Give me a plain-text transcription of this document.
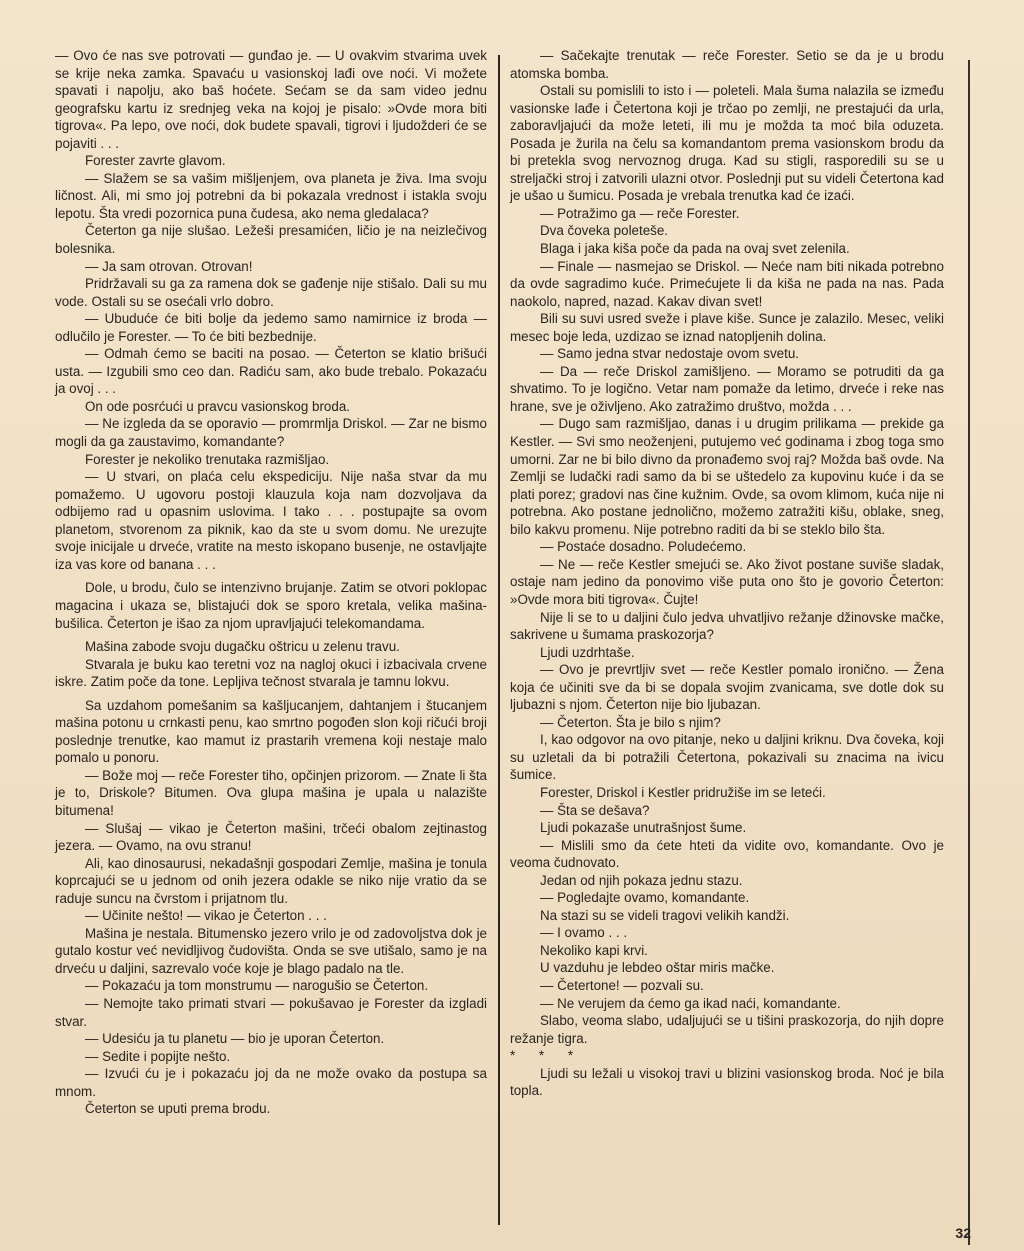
— Ovo će nas sve potrovati — gunđao je. — U ovakvim stvarima uvek se krije neka zamka. Spavaću u vasionskoj lađi ove noći. Vi možete spavati i napolju, ako baš hoćete. Sećam se da sam video jednu geografsku kartu iz srednjeg veka na kojoj je pisalo: »Ovde mora biti tigrova«. Pa lepo, ove noći, dok budete spavali, tigrovi i ljudožderi će se pojaviti . . .

Forester zavrte glavom.

— Slažem se sa vašim mišljenjem, ova planeta je živa. Ima svoju ličnost. Ali, mi smo joj potrebni da bi pokazala vrednost i istakla svoju lepotu. Šta vredi pozornica puna čudesa, ako nema gledalaca?

Četerton ga nije slušao. Ležeši presamićen, ličio je na neizlečivog bolesnika.

— Ja sam otrovan. Otrovan!

Pridržavali su ga za ramena dok se gađenje nije stišalo. Dali su mu vode. Ostali su se osećali vrlo dobro.

— Ubuduće će biti bolje da jedemo samo namirnice iz broda — odlučilo je Forester. — To će biti bezbednije.

— Odmah ćemo se baciti na posao. — Četerton se klatio brišući usta. — Izgubili smo ceo dan. Radiću sam, ako bude trebalo. Pokazaću ja ovoj . . .

On ode posrćući u pravcu vasionskog broda.

— Ne izgleda da se oporavio — promrmlja Driskol. — Zar ne bismo mogli da ga zaustavimo, komandante?

Forester je nekoliko trenutaka razmišljao.

— U stvari, on plaća celu ekspediciju. Nije naša stvar da mu pomažemo. U ugovoru postoji klauzula koja nam dozvoljava da odbijemo rad u opasnim uslovima. I tako . . . postupajte sa ovom planetom, stvorenom za piknik, kao da ste u svom domu. Ne urezujte svoje inicijale u drveće, vratite na mesto iskopano busenje, ne ostavljajte iza vas kore od banana . . .

Dole, u brodu, čulo se intenzivno brujanje. Zatim se otvori poklopac magacina i ukaza se, blistajući dok se sporo kretala, velika mašina-bušilica. Četerton je išao za njom upravljajući telekomandama.

Mašina zabode svoju dugačku oštricu u zelenu travu.

Stvarala je buku kao teretni voz na nagloj okuci i izbacivala crvene iskre. Zatim poče da tone. Lepljiva tečnost stvarala je tamnu lokvu.

Sa uzdahom pomešanim sa kašljucanjem, dahtanjem i štucanjem mašina potonu u crnkasti penu, kao smrtno pogođen slon koji ričući broji poslednje trenutke, kao mamut iz prastarih vremena koji nestaje malo pomalo u ponoru.

— Bože moj — reče Forester tiho, opčinjen prizorom. — Znate li šta je to, Driskole? Bitumen. Ova glupa mašina je upala u nalazište bitumena!

— Slušaj — vikao je Četerton mašini, trčeći obalom zejtinastog jezera. — Ovamo, na ovu stranu!

Ali, kao dinosaurusi, nekadašnji gospodari Zemlje, mašina je tonula koprcajući se u jednom od onih jezera odakle se niko nije vratio da se raduje suncu na čvrstom i prijatnom tlu.

— Učinite nešto! — vikao je Četerton . . .

Mašina je nestala. Bitumensko jezero vrilo je od zadovoljstva dok je gutalo kostur već nevidljivog čudovišta. Onda se sve utišalo, samo je na drveću u daljini, sazrevalo voće koje je blago padalo na tle.

— Pokazaću ja tom monstrumu — narogušio se Četerton.

— Nemojte tako primati stvari — pokušavao je Forester da izgladi stvar.

— Udesiću ja tu planetu — bio je uporan Četerton.

— Sedite i popijte nešto.

— Izvući ću je i pokazaću joj da ne može ovako da postupa sa mnom.

Četerton se uputi prema brodu.

— Sačekajte trenutak — reče Forester. Setio se da je u brodu atomska bomba.

Ostali su pomislili to isto i — poleteli. Mala šuma nalazila se između vasionske lađe i Četertona koji je trčao po zemlji, ne prestajući da urla, zaboravljajući da može leteti, ili mu je možda ta moć bila oduzeta. Posada je žurila na čelu sa komandantom prema vasionskom brodu da bi pretekla svog nervoznog druga. Kad su stigli, rasporedili su se u streljački stroj i zatvorili ulazni otvor. Poslednji put su videli Četertona kad je ušao u šumicu. Posada je vrebala trenutka kad će izaći.

— Potražimo ga — reče Forester.

Dva čoveka poleteše.

Blaga i jaka kiša poče da pada na ovaj svet zelenila.

— Finale — nasmejao se Driskol. — Neće nam biti nikada potrebno da ovde sagradimo kuće. Primećujete li da kiša ne pada na nas. Pada naokolo, napred, nazad. Kakav divan svet!

Bili su suvi usred sveže i plave kiše. Sunce je zalazilo. Mesec, veliki mesec boje leda, uzdizao se iznad natopljenih dolina.

— Samo jedna stvar nedostaje ovom svetu.

— Da — reče Driskol zamišljeno. — Moramo se potruditi da ga shvatimo. To je logično. Vetar nam pomaže da letimo, drveće i reke nas hrane, sve je oživljeno. Ako zatražimo društvo, možda . . .

— Dugo sam razmišljao, danas i u drugim prilikama — prekide ga Kestler. — Svi smo neoženjeni, putujemo već godinama i zbog toga smo umorni. Zar ne bi bilo divno da pronađemo svoj raj? Možda baš ovde. Na Zemlji se ludački radi samo da bi se uštedelo za kupovinu kuće i da se plati porez; gradovi nas čine kužnim. Ovde, sa ovom klimom, kuća nije ni potrebna. Ako postane jednolično, možemo zatražiti kišu, oblake, sneg, bilo kakvu promenu. Nije potrebno raditi da bi se steklo bilo šta.

— Postaće dosadno. Poludećemo.

— Ne — reče Kestler smejući se. Ako život postane suviše sladak, ostaje nam jedino da ponovimo više puta ono što je govorio Četerton: »Ovde mora biti tigrova«. Čujte!

Nije li se to u daljini čulo jedva uhvatljivo režanje džinovske mačke, sakrivene u šumama praskozorja?

Ljudi uzdrhtaše.

— Ovo je prevrtljiv svet — reče Kestler pomalo ironično. — Žena koja će učiniti sve da bi se dopala svojim zvanicama, sve dotle dok su ljubazni s njom. Četerton nije bio ljubazan.

— Četerton. Šta je bilo s njim?

I, kao odgovor na ovo pitanje, neko u daljini kriknu. Dva čoveka, koji su uzletali da bi potražili Četertona, pokazivali su znacima na ivicu šumice.

Forester, Driskol i Kestler pridružiše im se leteći.

— Šta se dešava?

Ljudi pokazaše unutrašnjost šume.

— Mislili smo da ćete hteti da vidite ovo, komandante. Ovo je veoma čudnovato.

Jedan od njih pokaza jednu stazu.

— Pogledajte ovamo, komandante.

Na stazi su se videli tragovi velikih kandži.

— I ovamo . . .

Nekoliko kapi krvi.

U vazduhu je lebdeo oštar miris mačke.

— Četertone! — pozvali su.

— Ne verujem da ćemo ga ikad naći, komandante.

Slabo, veoma slabo, udaljujući se u tišini praskozorja, do njih dopre režanje tigra.

* * *

Ljudi su ležali u visokoj travi u blizini vasionskog broda. Noć je bila topla.

32
